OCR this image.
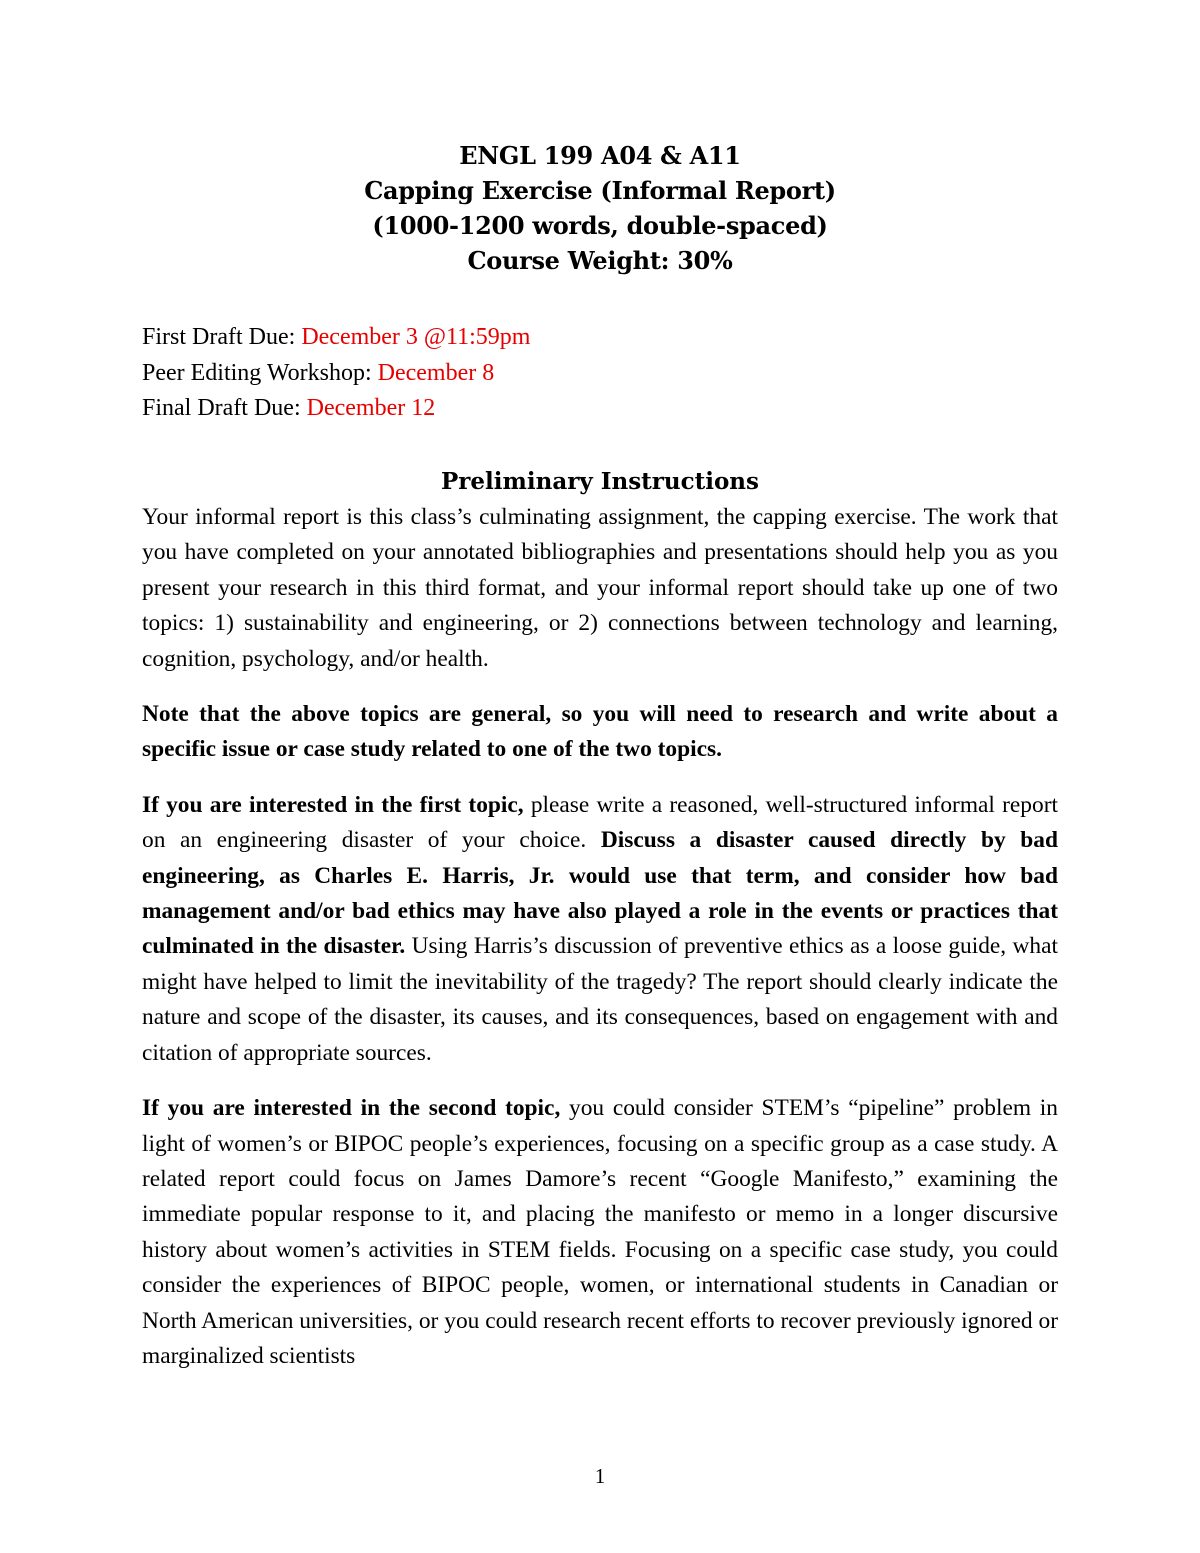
ENGL 199 A04 & A11
Capping Exercise (Informal Report)
(1000-1200 words, double-spaced)
Course Weight: 30%
First Draft Due: December 3 @11:59pm
Peer Editing Workshop: December 8
Final Draft Due: December 12
Preliminary Instructions

Your informal report is this class’s culminating assignment, the capping exercise. The work that you have completed on your annotated bibliographies and presentations should help you as you present your research in this third format, and your informal report should take up one of two topics: 1) sustainability and engineering, or 2) connections between technology and learning, cognition, psychology, and/or health.

Note that the above topics are general, so you will need to research and write about a specific issue or case study related to one of the two topics.

If you are interested in the first topic, please write a reasoned, well-structured informal report on an engineering disaster of your choice. Discuss a disaster caused directly by bad engineering, as Charles E. Harris, Jr. would use that term, and consider how bad management and/or bad ethics may have also played a role in the events or practices that culminated in the disaster. Using Harris’s discussion of preventive ethics as a loose guide, what might have helped to limit the inevitability of the tragedy? The report should clearly indicate the nature and scope of the disaster, its causes, and its consequences, based on engagement with and citation of appropriate sources.

If you are interested in the second topic, you could consider STEM’s “pipeline” problem in light of women’s or BIPOC people’s experiences, focusing on a specific group as a case study. A related report could focus on James Damore’s recent “Google Manifesto,” examining the immediate popular response to it, and placing the manifesto or memo in a longer discursive history about women’s activities in STEM fields. Focusing on a specific case study, you could consider the experiences of BIPOC people, women, or international students in Canadian or North American universities, or you could research recent efforts to recover previously ignored or marginalized scientists

1
